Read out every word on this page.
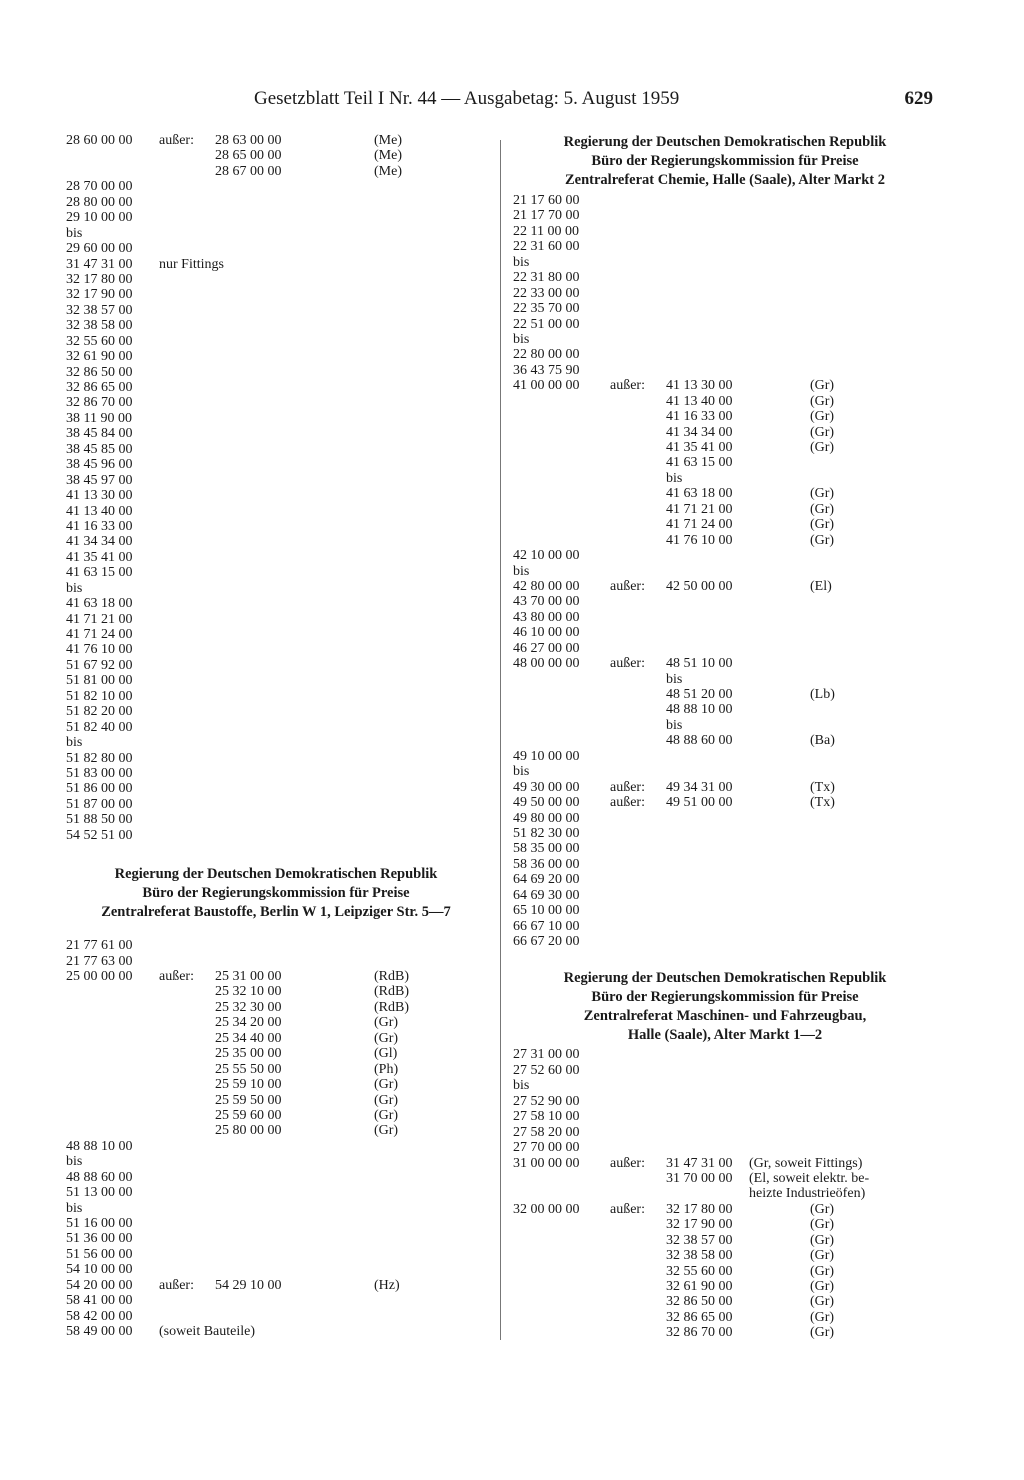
Gesetzblatt Teil I Nr. 44 — Ausgabetag: 5. August 1959	629
28 60 00 00 außer: 28 63 00 00	(Me)
28 65 00 00	(Me)
28 67 00 00	(Me)
28 70 00 00
28 80 00 00
29 10 00 00
bis
29 60 00 00
31 47 31 00 nur Fittings
32 17 80 00
32 17 90 00
32 38 57 00
32 38 58 00
32 55 60 00
32 61 90 00
32 86 50 00
32 86 65 00
32 86 70 00
38 11 90 00
38 45 84 00
38 45 85 00
38 45 96 00
38 45 97 00
41 13 30 00
41 13 40 00
41 16 33 00
41 34 34 00
41 35 41 00
41 63 15 00
bis
41 63 18 00
41 71 21 00
41 71 24 00
41 76 10 00
51 67 92 00
51 81 00 00
51 82 10 00
51 82 20 00
51 82 40 00
bis
51 82 80 00
51 83 00 00
51 86 00 00
51 87 00 00
51 88 50 00
54 52 51 00
Regierung der Deutschen Demokratischen Republik
Büro der Regierungskommission für Preise
Zentralreferat Baustoffe, Berlin W 1, Leipziger Str. 5—7
21 77 61 00
21 77 63 00
25 00 00 00 außer: 25 31 00 00	(RdB)
25 32 10 00	(RdB)
25 32 30 00	(RdB)
25 34 20 00	(Gr)
25 34 40 00	(Gr)
25 35 00 00	(Gl)
25 55 50 00	(Ph)
25 59 10 00	(Gr)
25 59 50 00	(Gr)
25 59 60 00	(Gr)
25 80 00 00	(Gr)
48 88 10 00
bis
48 88 60 00
51 13 00 00
bis
51 16 00 00
51 36 00 00
51 56 00 00
54 10 00 00
54 20 00 00 außer: 54 29 10 00	(Hz)
58 41 00 00
58 42 00 00
58 49 00 00 (soweit Bauteile)
Regierung der Deutschen Demokratischen Republik
Büro der Regierungskommission für Preise
Zentralreferat Chemie, Halle (Saale), Alter Markt 2
21 17 60 00
21 17 70 00
22 11 00 00
22 31 60 00
bis
22 31 80 00
22 33 00 00
22 35 70 00
22 51 00 00
bis
22 80 00 00
36 43 75 90
41 00 00 00 außer: 41 13 30 00	(Gr)
41 13 40 00	(Gr)
41 16 33 00	(Gr)
41 34 34 00	(Gr)
41 35 41 00	(Gr)
41 63 15 00
bis
41 63 18 00	(Gr)
41 71 21 00	(Gr)
41 71 24 00	(Gr)
41 76 10 00	(Gr)
42 10 00 00
bis
42 80 00 00 außer: 42 50 00 00	(El)
43 70 00 00
43 80 00 00
46 10 00 00
46 27 00 00
48 00 00 00 außer: 48 51 10 00
bis
48 51 20 00	(Lb)
48 88 10 00
bis
48 88 60 00	(Ba)
49 10 00 00
bis
49 30 00 00 außer: 49 34 31 00	(Tx)
49 50 00 00 außer: 49 51 00 00	(Tx)
49 80 00 00
51 82 30 00
58 35 00 00
58 36 00 00
64 69 20 00
64 69 30 00
65 10 00 00
66 67 10 00
66 67 20 00
Regierung der Deutschen Demokratischen Republik
Büro der Regierungskommission für Preise
Zentralreferat Maschinen- und Fahrzeugbau,
Halle (Saale), Alter Markt 1—2
27 31 00 00
27 52 60 00
bis
27 52 90 00
27 58 10 00
27 58 20 00
27 70 00 00
31 00 00 00 außer: 31 47 31 00 (Gr, soweit Fittings)
31 70 00 00 (El, soweit elektr. be-
heizte Industrieöfen)
32 00 00 00 außer: 32 17 80 00	(Gr)
32 17 90 00	(Gr)
32 38 57 00	(Gr)
32 38 58 00	(Gr)
32 55 60 00	(Gr)
32 61 90 00	(Gr)
32 86 50 00	(Gr)
32 86 65 00	(Gr)
32 86 70 00	(Gr)
